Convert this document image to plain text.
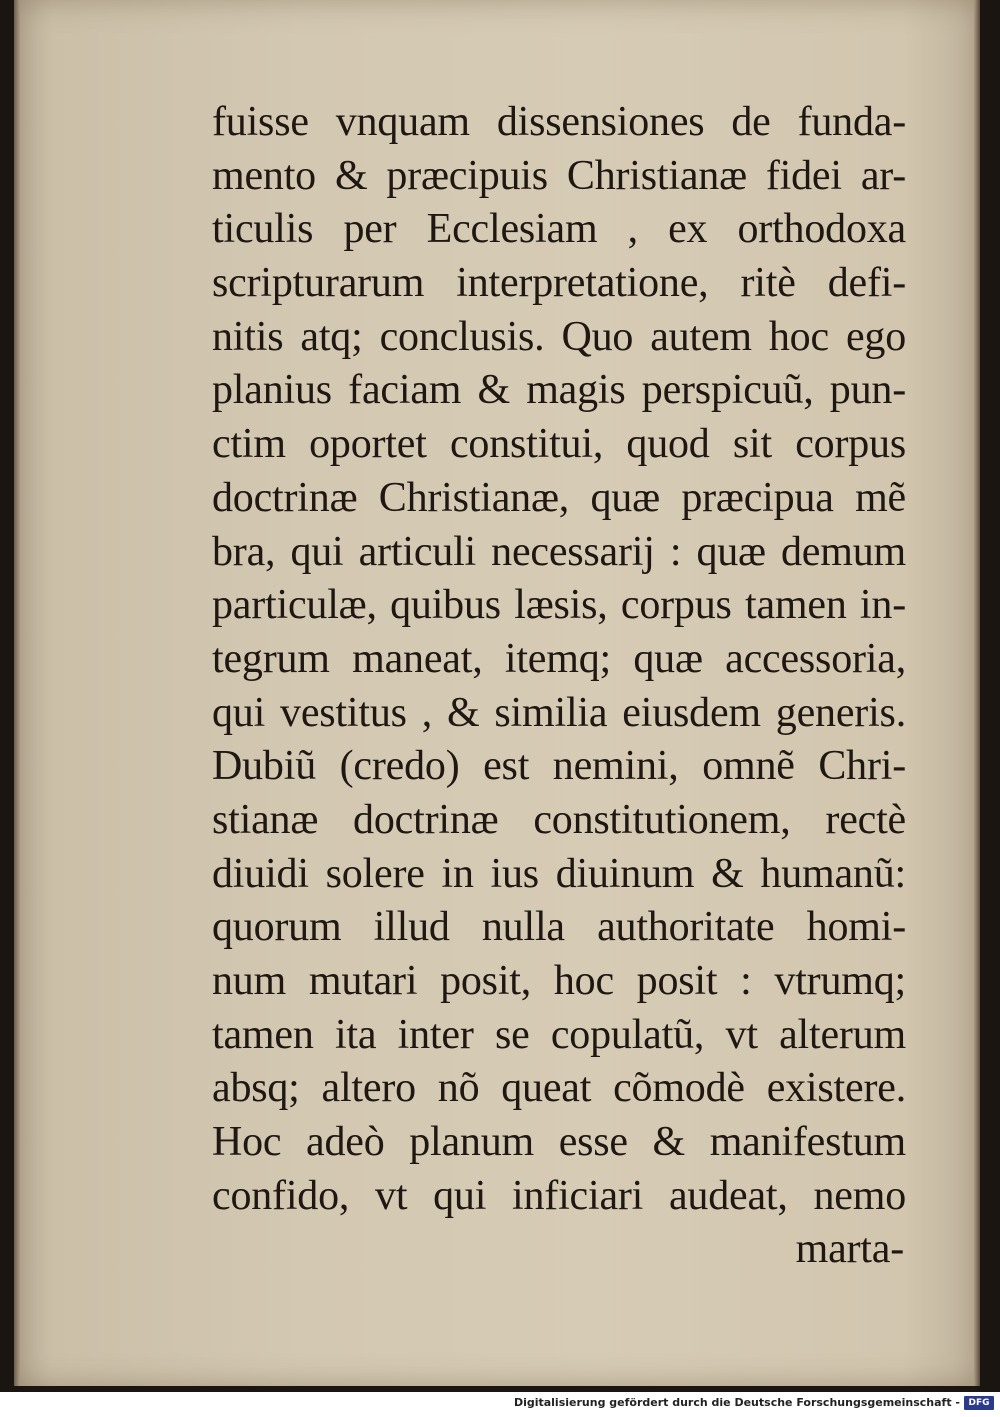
fuisse vnquam dissensiones de funda-
mento & præcipuis Christianæ fidei ar-
ticulis per Ecclesiam , ex orthodoxa
scripturarum interpretatione, ritè defi-
nitis atq; conclusis. Quo autem hoc ego
planius faciam & magis perspicuũ, pun-
ctim oportet constitui, quod sit corpus
doctrinæ Christianæ, quæ præcipua mẽ
bra, qui articuli necessarij : quæ demum
particulæ, quibus læsis, corpus tamen in-
tegrum maneat, itemq; quæ accessoria,
qui vestitus , & similia eiusdem generis.
Dubiũ (credo) est nemini, omnẽ Chri-
stianæ doctrinæ constitutionem, rectè
diuidi solere in ius diuinum & humanũ:
quorum illud nulla authoritate homi-
num mutari posit, hoc posit : vtrumq;
tamen ita inter se copulatũ, vt alterum
absq; altero nõ queat cõmodè existere.
Hoc adeò planum esse & manifestum
confido, vt qui inficiari audeat, nemo
marta-
Digitalisierung gefördert durch die Deutsche Forschungsgemeinschaft - DFG
